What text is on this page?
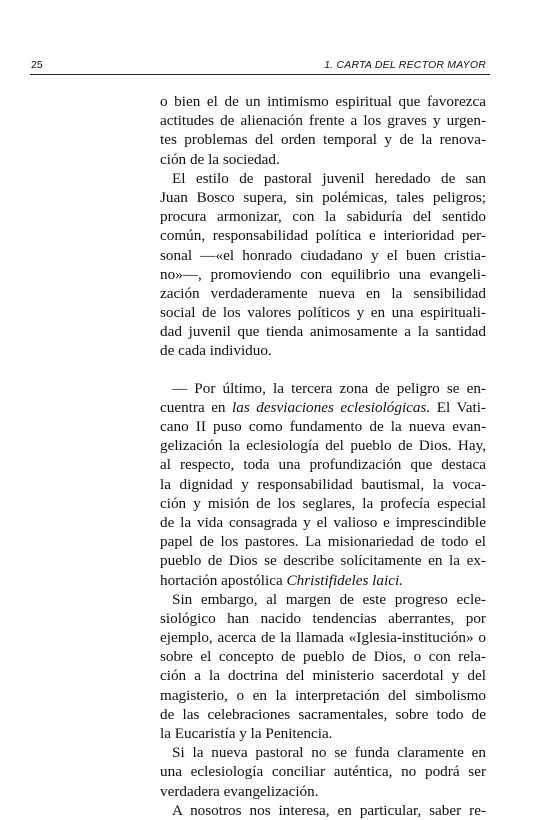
25	1. CARTA DEL RECTOR MAYOR
o bien el de un intimismo espiritual que favorezca
actitudes de alienación frente a los graves y urgen-
tes problemas del orden temporal y de la renova-
ción de la sociedad.
El estilo de pastoral juvenil heredado de san
Juan Bosco supera, sin polémicas, tales peligros;
procura armonizar, con la sabiduría del sentido
común, responsabilidad política e interioridad per-
sonal —«el honrado ciudadano y el buen cristia-
no»—, promoviendo con equilibrio una evangeli-
zación verdaderamente nueva en la sensibilidad
social de los valores políticos y en una espirituali-
dad juvenil que tienda animosamente a la santidad
de cada individuo.
— Por último, la tercera zona de peligro se en-
cuentra en las desviaciones eclesiológicas. El Vati-
cano II puso como fundamento de la nueva evan-
gelización la eclesiología del pueblo de Dios. Hay,
al respecto, toda una profundización que destaca
la dignidad y responsabilidad bautismal, la voca-
ción y misión de los seglares, la profecía especial
de la vida consagrada y el valioso e imprescindible
papel de los pastores. La misionariedad de todo el
pueblo de Dios se describe solícitamente en la ex-
hortación apostólica Christifideles laici.
Sin embargo, al margen de este progreso ecle-
siológico han nacido tendencias aberrantes, por
ejemplo, acerca de la llamada «Iglesia-institución» o
sobre el concepto de pueblo de Dios, o con rela-
ción a la doctrina del ministerio sacerdotal y del
magisterio, o en la interpretación del simbolismo
de las celebraciones sacramentales, sobre todo de
la Eucaristía y la Penitencia.
Si la nueva pastoral no se funda claramente en
una eclesiología conciliar auténtica, no podrá ser
verdadera evangelización.
A nosotros nos interesa, en particular, saber re-
